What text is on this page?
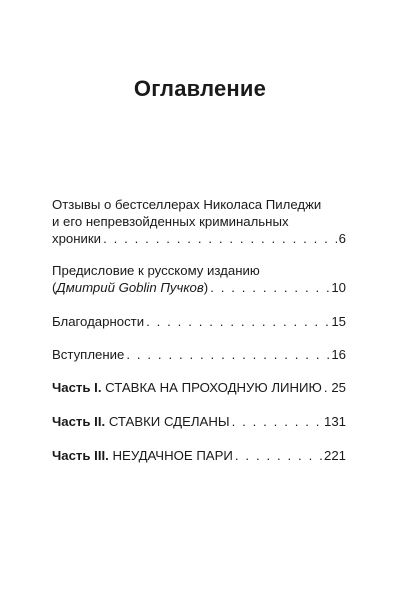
Оглавление
Отзывы о бестселлерах Николаса Пиледжи
и его непревзойденных криминальных
хроники . . .	6
Предисловие к русскому изданию
(Дмитрий Goblin Пучков) . . .	10
Благодарности . . .	15
Вступление . . .	16
Часть I. СТАВКА НА ПРОХОДНУЮ ЛИНИЮ . . . 25
Часть II. СТАВКИ СДЕЛАНЫ . . .	131
Часть III. НЕУДАЧНОЕ ПАРИ . . .	221
